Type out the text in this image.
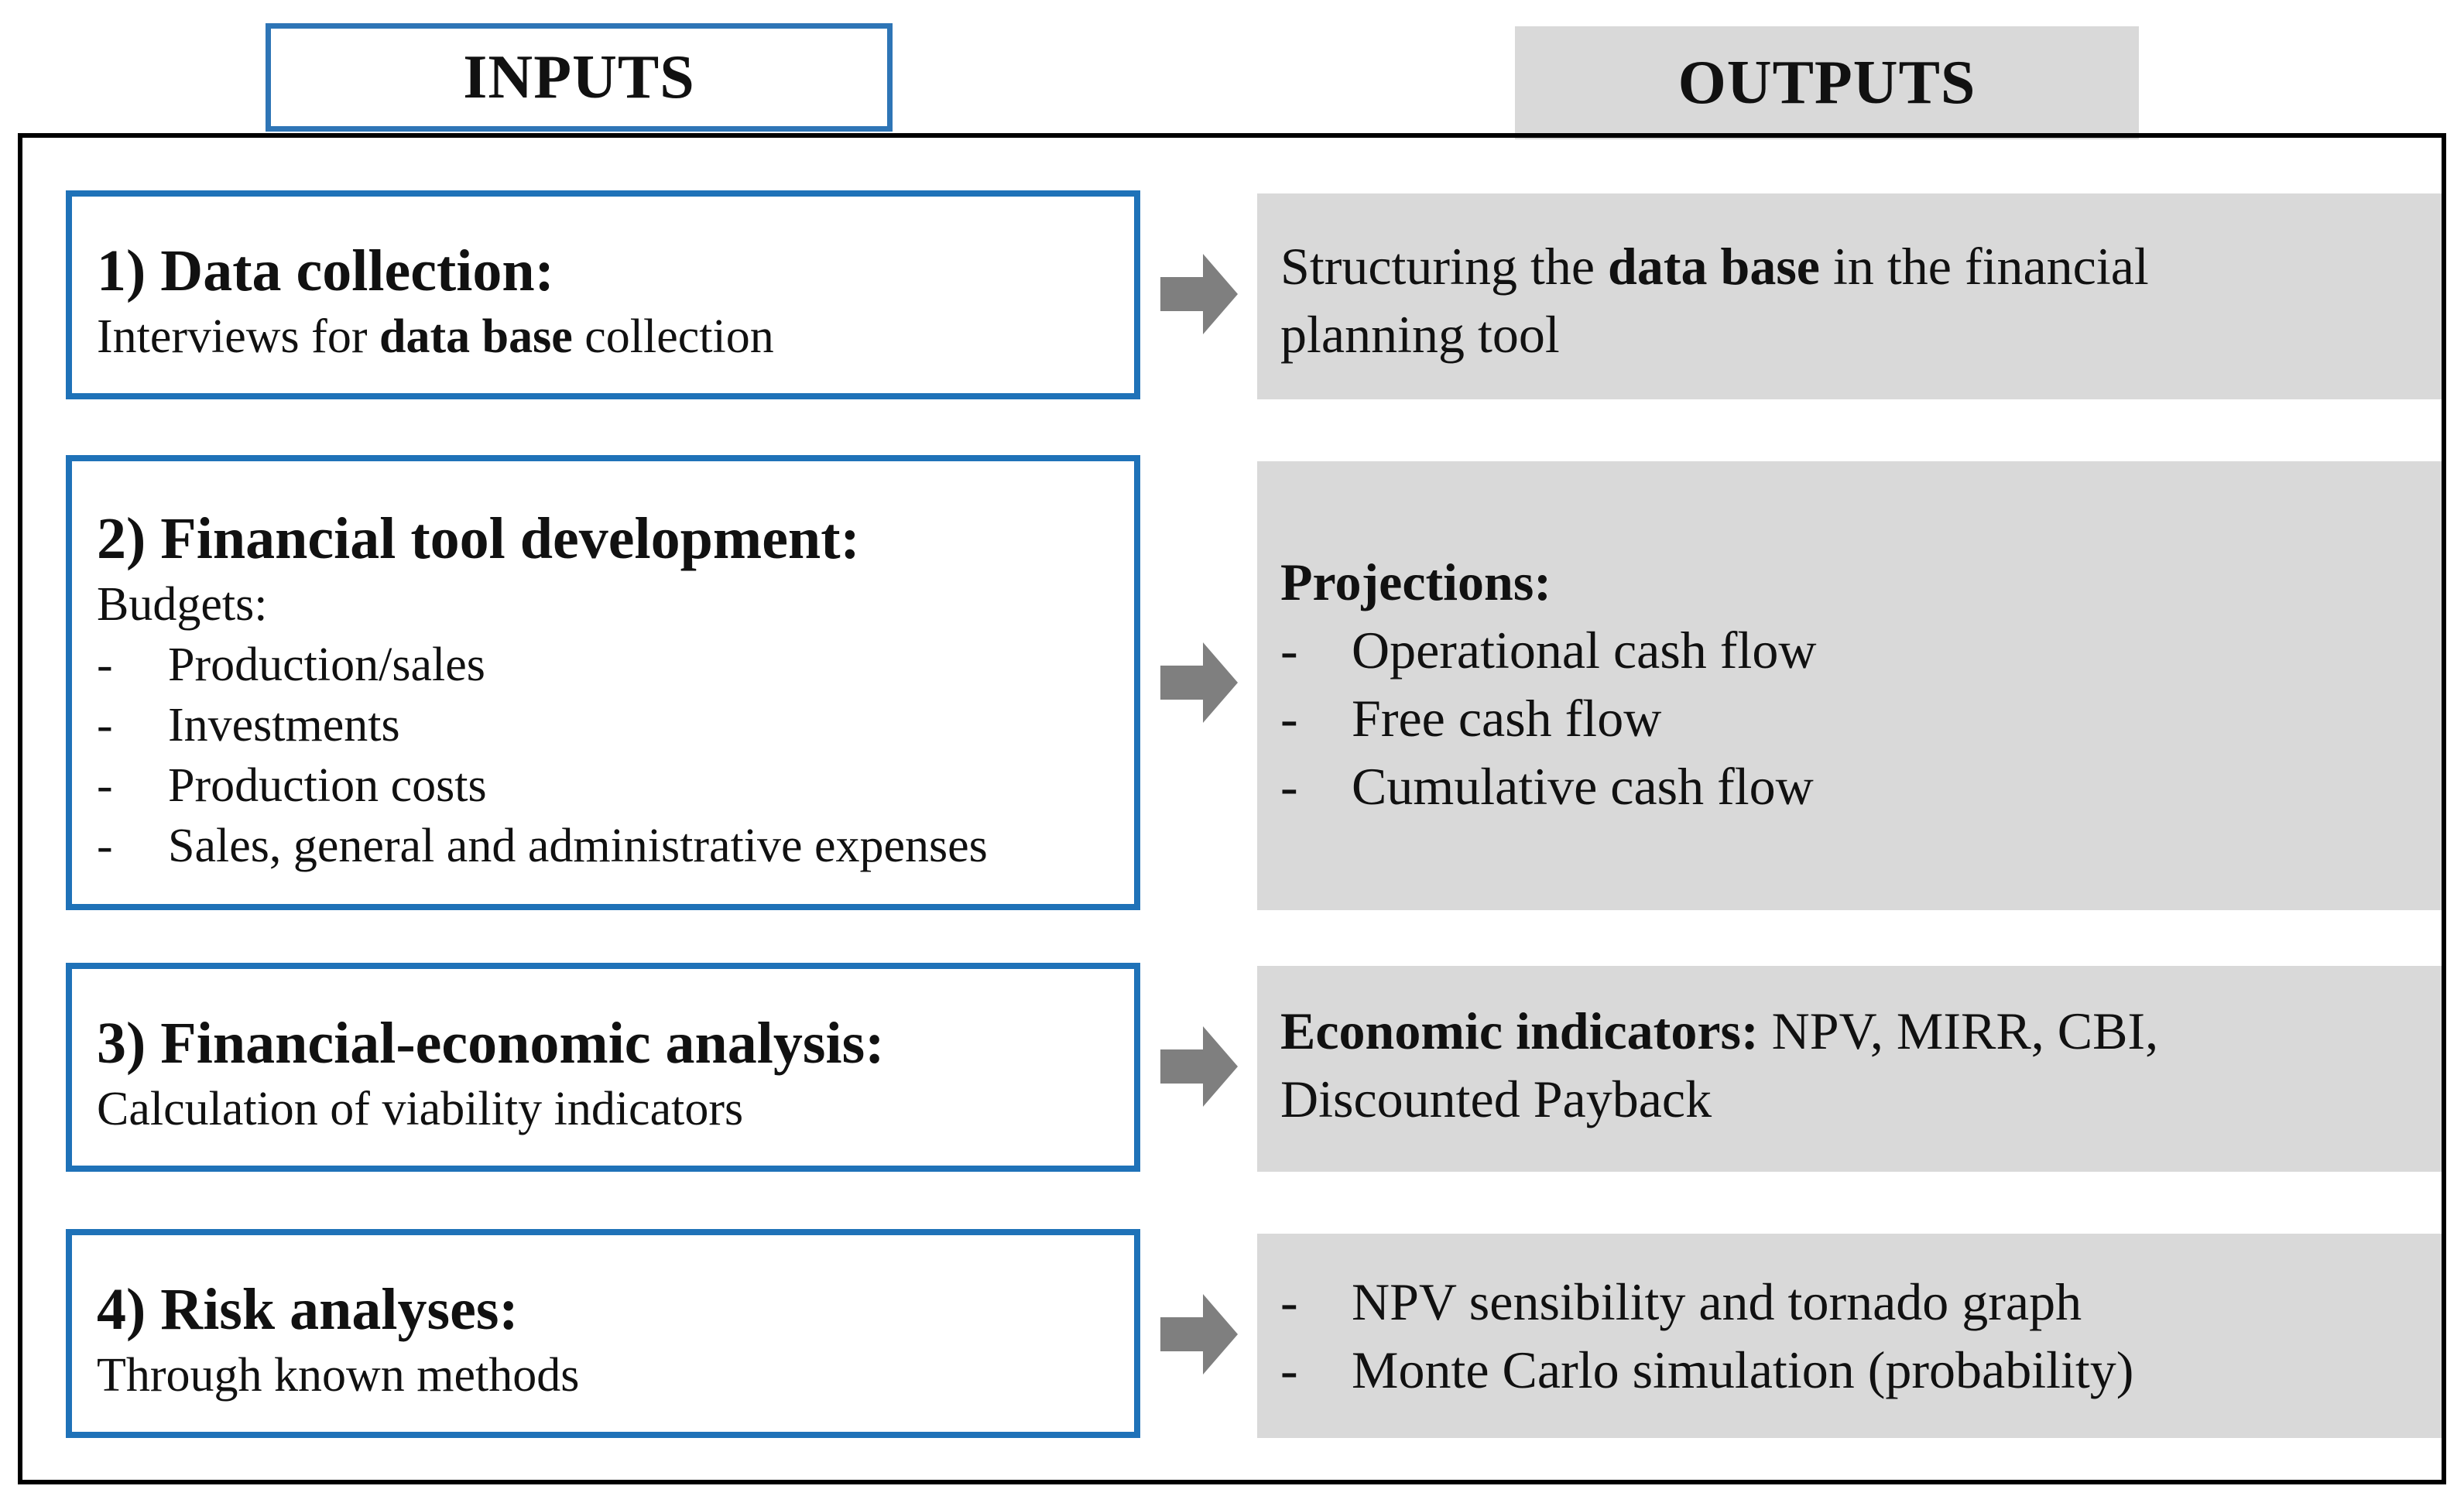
INPUTS	OUTPUTS
1) Data collection:
Interviews for data base collection
Structuring the data base in the financial
planning tool
2) Financial tool development:
Budgets:
- Production/sales
- Investments
- Production costs
- Sales, general and administrative expenses
Projections:
- Operational cash flow
- Free cash flow
- Cumulative cash flow
3) Financial-economic analysis:
Calculation of viability indicators
Economic indicators: NPV, MIRR, CBI,
Discounted Payback
4) Risk analyses:
Through known methods
- NPV sensibility and tornado graph
- Monte Carlo simulation (probability)
